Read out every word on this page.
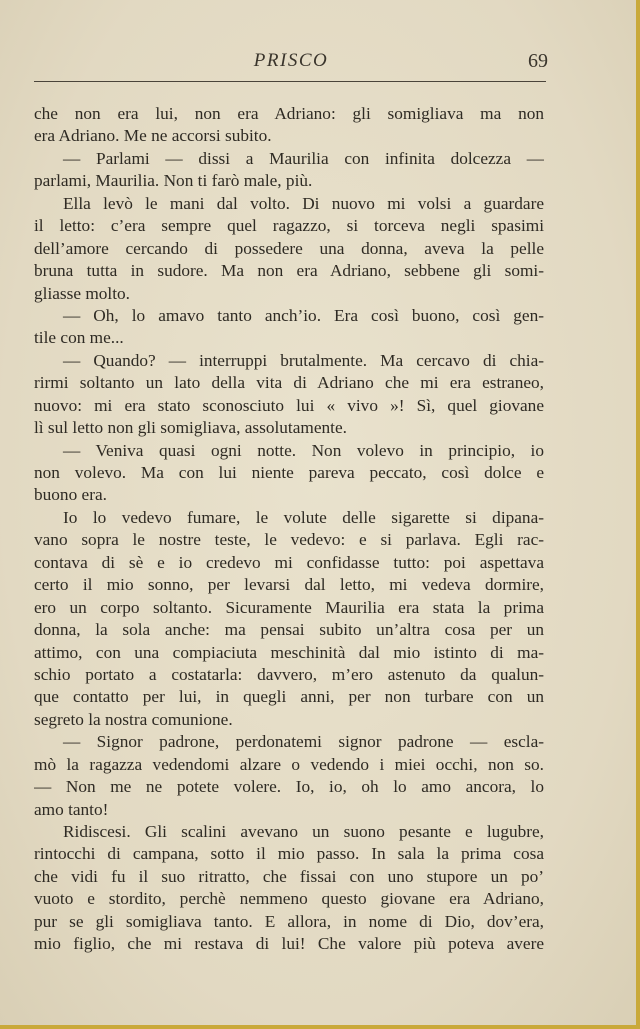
PRISCO	69
che non era lui, non era Adriano: gli somigliava ma non
era Adriano. Me ne accorsi subito.
— Parlami — dissi a Maurilia con infinita dolcezza —
parlami, Maurilia. Non ti farò male, più.
Ella levò le mani dal volto. Di nuovo mi volsi a guardare
il letto: c’era sempre quel ragazzo, si torceva negli spasimi
dell’amore cercando di possedere una donna, aveva la pelle
bruna tutta in sudore. Ma non era Adriano, sebbene gli somi-
gliasse molto.
— Oh, lo amavo tanto anch’io. Era così buono, così gen-
tile con me...
— Quando? — interruppi brutalmente. Ma cercavo di chia-
rirmi soltanto un lato della vita di Adriano che mi era estraneo,
nuovo: mi era stato sconosciuto lui « vivo »! Sì, quel giovane
lì sul letto non gli somigliava, assolutamente.
— Veniva quasi ogni notte. Non volevo in principio, io
non volevo. Ma con lui niente pareva peccato, così dolce e
buono era.
Io lo vedevo fumare, le volute delle sigarette si dipana-
vano sopra le nostre teste, le vedevo: e si parlava. Egli rac-
contava di sè e io credevo mi confidasse tutto: poi aspettava
certo il mio sonno, per levarsi dal letto, mi vedeva dormire,
ero un corpo soltanto. Sicuramente Maurilia era stata la prima
donna, la sola anche: ma pensai subito un’altra cosa per un
attimo, con una compiaciuta meschinità dal mio istinto di ma-
schio portato a costatarla: davvero, m’ero astenuto da qualun-
que contatto per lui, in quegli anni, per non turbare con un
segreto la nostra comunione.
— Signor padrone, perdonatemi signor padrone — escla-
mò la ragazza vedendomi alzare o vedendo i miei occhi, non so.
— Non me ne potete volere. Io, io, oh lo amo ancora, lo
amo tanto!
Ridiscesi. Gli scalini avevano un suono pesante e lugubre,
rintocchi di campana, sotto il mio passo. In sala la prima cosa
che vidi fu il suo ritratto, che fissai con uno stupore un po’
vuoto e stordito, perchè nemmeno questo giovane era Adriano,
pur se gli somigliava tanto. E allora, in nome di Dio, dov’era,
mio figlio, che mi restava di lui! Che valore più poteva avere
